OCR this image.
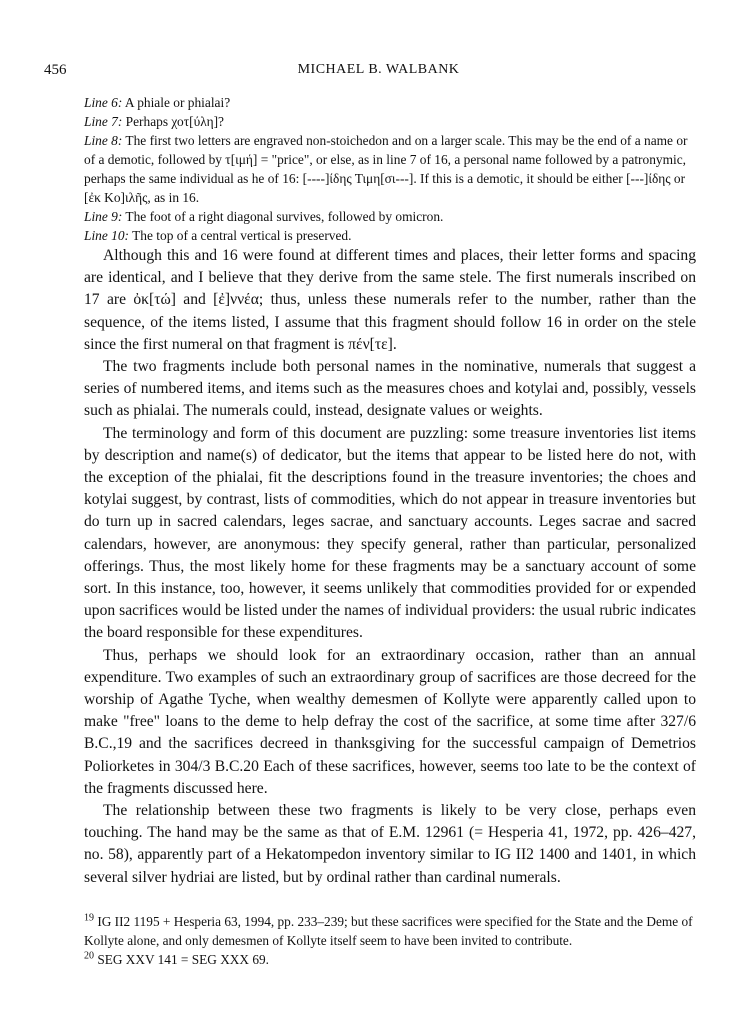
456	MICHAEL B. WALBANK

Line 6: A phiale or phialai?

Line 7: Perhaps χοτ[ύλη]?

Line 8: The first two letters are engraved non-stoichedon and on a larger scale. This may be the end of a name or of a demotic, followed by τ[ιμή] = "price", or else, as in line 7 of 16, a personal name followed by a patronymic, perhaps the same individual as he of 16: [----]ίδης Τιμη[σι---]. If this is a demotic, it should be either [---]ίδης or [ἐκ Κο]ιλῆς, as in 16.

Line 9: The foot of a right diagonal survives, followed by omicron.

Line 10: The top of a central vertical is preserved.

Although this and 16 were found at different times and places, their letter forms and spacing are identical, and I believe that they derive from the same stele. The first numerals inscribed on 17 are ὀκ[τώ] and [ἐ]ννέα; thus, unless these numerals refer to the number, rather than the sequence, of the items listed, I assume that this fragment should follow 16 in order on the stele since the first numeral on that fragment is πέν[τε].

The two fragments include both personal names in the nominative, numerals that suggest a series of numbered items, and items such as the measures choes and kotylai and, possibly, vessels such as phialai. The numerals could, instead, designate values or weights.

The terminology and form of this document are puzzling: some treasure inventories list items by description and name(s) of dedicator, but the items that appear to be listed here do not, with the exception of the phialai, fit the descriptions found in the treasure inventories; the choes and kotylai suggest, by contrast, lists of commodities, which do not appear in treasure inventories but do turn up in sacred calendars, leges sacrae, and sanctuary accounts. Leges sacrae and sacred calendars, however, are anonymous: they specify general, rather than particular, personalized offerings. Thus, the most likely home for these fragments may be a sanctuary account of some sort. In this instance, too, however, it seems unlikely that commodities provided for or expended upon sacrifices would be listed under the names of individual providers: the usual rubric indicates the board responsible for these expenditures.

Thus, perhaps we should look for an extraordinary occasion, rather than an annual expenditure. Two examples of such an extraordinary group of sacrifices are those decreed for the worship of Agathe Tyche, when wealthy demesmen of Kollyte were apparently called upon to make "free" loans to the deme to help defray the cost of the sacrifice, at some time after 327/6 B.C.,19 and the sacrifices decreed in thanksgiving for the successful campaign of Demetrios Poliorketes in 304/3 B.C.20 Each of these sacrifices, however, seems too late to be the context of the fragments discussed here.

The relationship between these two fragments is likely to be very close, perhaps even touching. The hand may be the same as that of E.M. 12961 (= Hesperia 41, 1972, pp. 426–427, no. 58), apparently part of a Hekatompedon inventory similar to IG II2 1400 and 1401, in which several silver hydriai are listed, but by ordinal rather than cardinal numerals.

$^{19}$ IG II2 1195 + Hesperia 63, 1994, pp. 233–239; but these sacrifices were specified for the State and the Deme of Kollyte alone, and only demesmen of Kollyte itself seem to have been invited to contribute.

$^{20}$ SEG XXV 141 = SEG XXX 69.
